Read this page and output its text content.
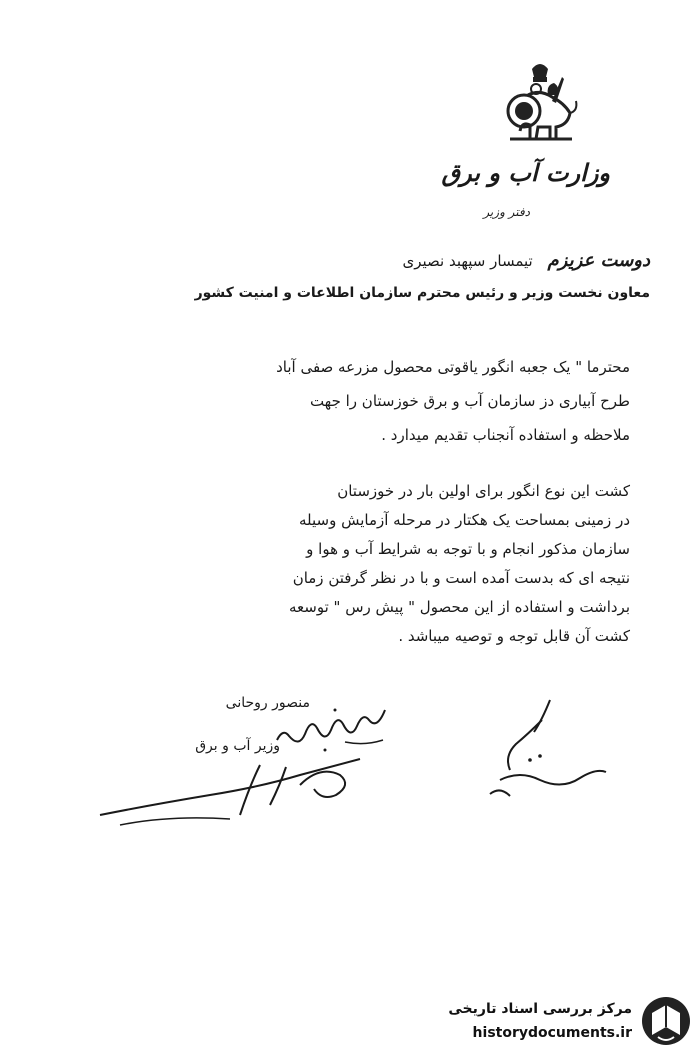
وزارت آب و برق
دفتر وزیر
دوست عزیزم تیمسار سپهبد نصیری
معاون نخست وزیر و رئیس محترم سازمان اطلاعات و امنیت کشور
محترما " یک جعبه انگور یاقوتی محصول مزرعه صفی آباد
طرح آبیاری دز سازمان آب و برق خوزستان را جهت
ملاحظه و استفاده آنجناب تقدیم میدارد .
کشت این نوع انگور برای اولین بار در خوزستان
در زمینی بمساحت یک هکتار در مرحله آزمایش وسیله
سازمان مذکور انجام و با توجه به شرایط آب و هوا و
نتیجه ای که بدست آمده است و با در نظر گرفتن زمان
برداشت و استفاده از این محصول " پیش رس " توسعه
کشت آن قابل توجه و توصیه میباشد .
منصور روحانی
وزیر آب و برق
مرکز بررسی اسناد تاریخی
historydocuments.ir
